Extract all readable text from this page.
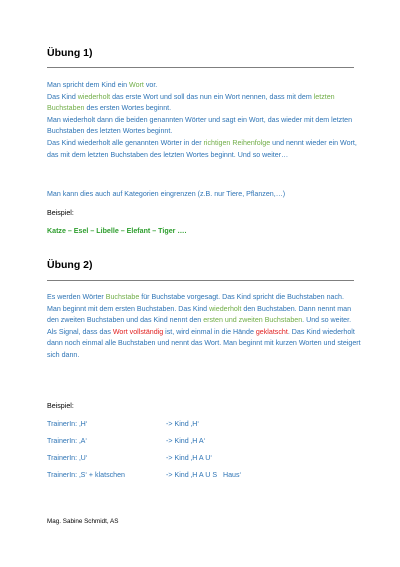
Übung 1)
Man spricht dem Kind ein Wort vor.
Das Kind wiederholt das erste Wort und soll das nun ein Wort nennen, dass mit dem letzten Buchstaben des ersten Wortes beginnt.
Man wiederholt dann die beiden genannten Wörter und sagt ein Wort, das wieder mit dem letzten Buchstaben des letzten Wortes beginnt.
Das Kind wiederholt alle genannten Wörter in der richtigen Reihenfolge und nennt wieder ein Wort, das mit dem letzten Buchstaben des letzten Wortes beginnt. Und so weiter…
Man kann dies auch auf Kategorien eingrenzen (z.B. nur Tiere, Pflanzen,…)
Beispiel:
Katze – Esel – Libelle – Elefant – Tiger ….
Übung 2)
Es werden Wörter Buchstabe für Buchstabe vorgesagt. Das Kind spricht die Buchstaben nach.
Man beginnt mit dem ersten Buchstaben. Das Kind wiederholt den Buchstaben. Dann nennt man den zweiten Buchstaben und das Kind nennt den ersten und zweiten Buchstaben. Und so weiter. Als Signal, dass das Wort vollständig ist, wird einmal in die Hände geklatscht. Das Kind wiederholt dann noch einmal alle Buchstaben und nennt das Wort. Man beginnt mit kurzen Worten und steigert sich dann.
Beispiel:
TrainerIn: ‚H‘	-> Kind ‚H‘
TrainerIn: ‚A‘	-> Kind ‚H A‘
TrainerIn: ‚U‘	-> Kind ‚H A U‘
TrainerIn: ‚S‘ + klatschen	-> Kind ‚H A U S   Haus‘
Mag. Sabine Schmidt, AS
